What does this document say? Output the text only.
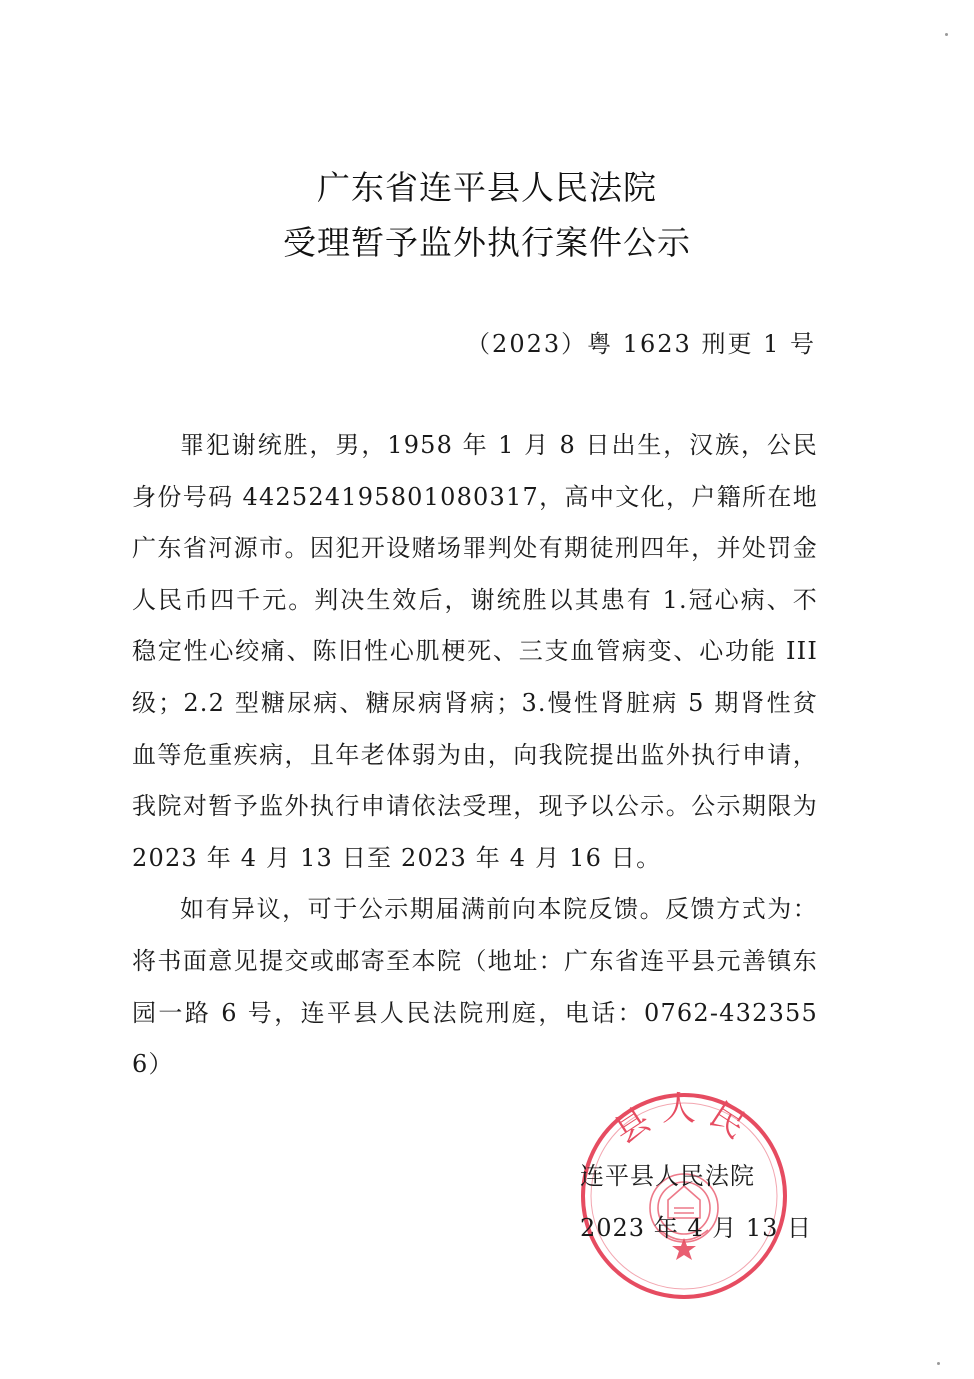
广东省连平县人民法院
受理暂予监外执行案件公示
（2023）粤 1623 刑更 1 号

罪犯谢统胜，男，1958 年 1 月 8 日出生，汉族，公民身份号码 442524195801080317，高中文化，户籍所在地广东省河源市。因犯开设赌场罪判处有期徒刑四年，并处罚金人民币四千元。判决生效后，谢统胜以其患有 1.冠心病、不稳定性心绞痛、陈旧性心肌梗死、三支血管病变、心功能 III 级；2.2 型糖尿病、糖尿病肾病；3.慢性肾脏病 5 期肾性贫血等危重疾病，且年老体弱为由，向我院提出监外执行申请，我院对暂予监外执行申请依法受理，现予以公示。公示期限为 2023 年 4 月 13 日至 2023 年 4 月 16 日。

如有异议，可于公示期届满前向本院反馈。反馈方式为：将书面意见提交或邮寄至本院（地址：广东省连平县元善镇东园一路 6 号，连平县人民法院刑庭，电话：0762-4323556）

县人民
连平县人民法院
2023 年 4 月 13 日
